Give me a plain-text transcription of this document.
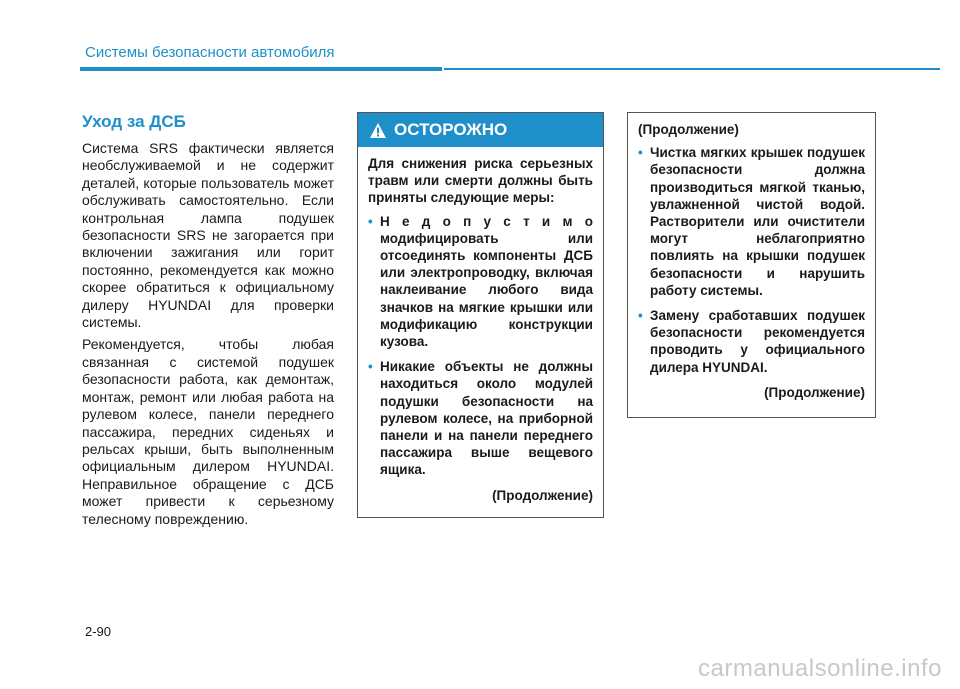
Системы безопасности автомобиля
Уход за ДСБ

Система SRS фактически является необслуживаемой и не содержит деталей, которые пользователь может обслуживать самостоятельно. Если контрольная лампа подушек безопасности SRS не загорается при включении зажигания или горит постоянно, рекомендуется как можно скорее обратиться к официальному дилеру HYUNDAI для проверки системы.

Рекомендуется, чтобы любая связанная с системой подушек безопасности работа, как демонтаж, монтаж, ремонт или любая работа на рулевом колесе, панели переднего пассажира, передних сиденьях и рельсах крыши, быть выполненным официальным дилером HYUNDAI. Неправильное обращение с ДСБ может привести к серьезному телесному повреждению.

ОСТОРОЖНО

Для снижения риска серьезных травм или смерти должны быть приняты следующие меры:

• Н е д о п у с т и м о модифицировать или отсоединять компоненты ДСБ или электропроводку, включая наклеивание любого вида значков на мягкие крышки или модификацию конструкции кузова.
• Никакие объекты не должны находиться около модулей подушки безопасности на рулевом колесе, на приборной панели и на панели переднего пассажира выше вещевого ящика.
(Продолжение)

(Продолжение)

• Чистка мягких крышек подушек безопасности должна производиться мягкой тканью, увлажненной чистой водой. Растворители или очистители могут неблагоприятно повлиять на крышки подушек безопасности и нарушить работу системы.
• Замену сработавших подушек безопасности рекомендуется проводить у официального дилера HYUNDAI.
(Продолжение)
2-90
carmanualsonline.info
